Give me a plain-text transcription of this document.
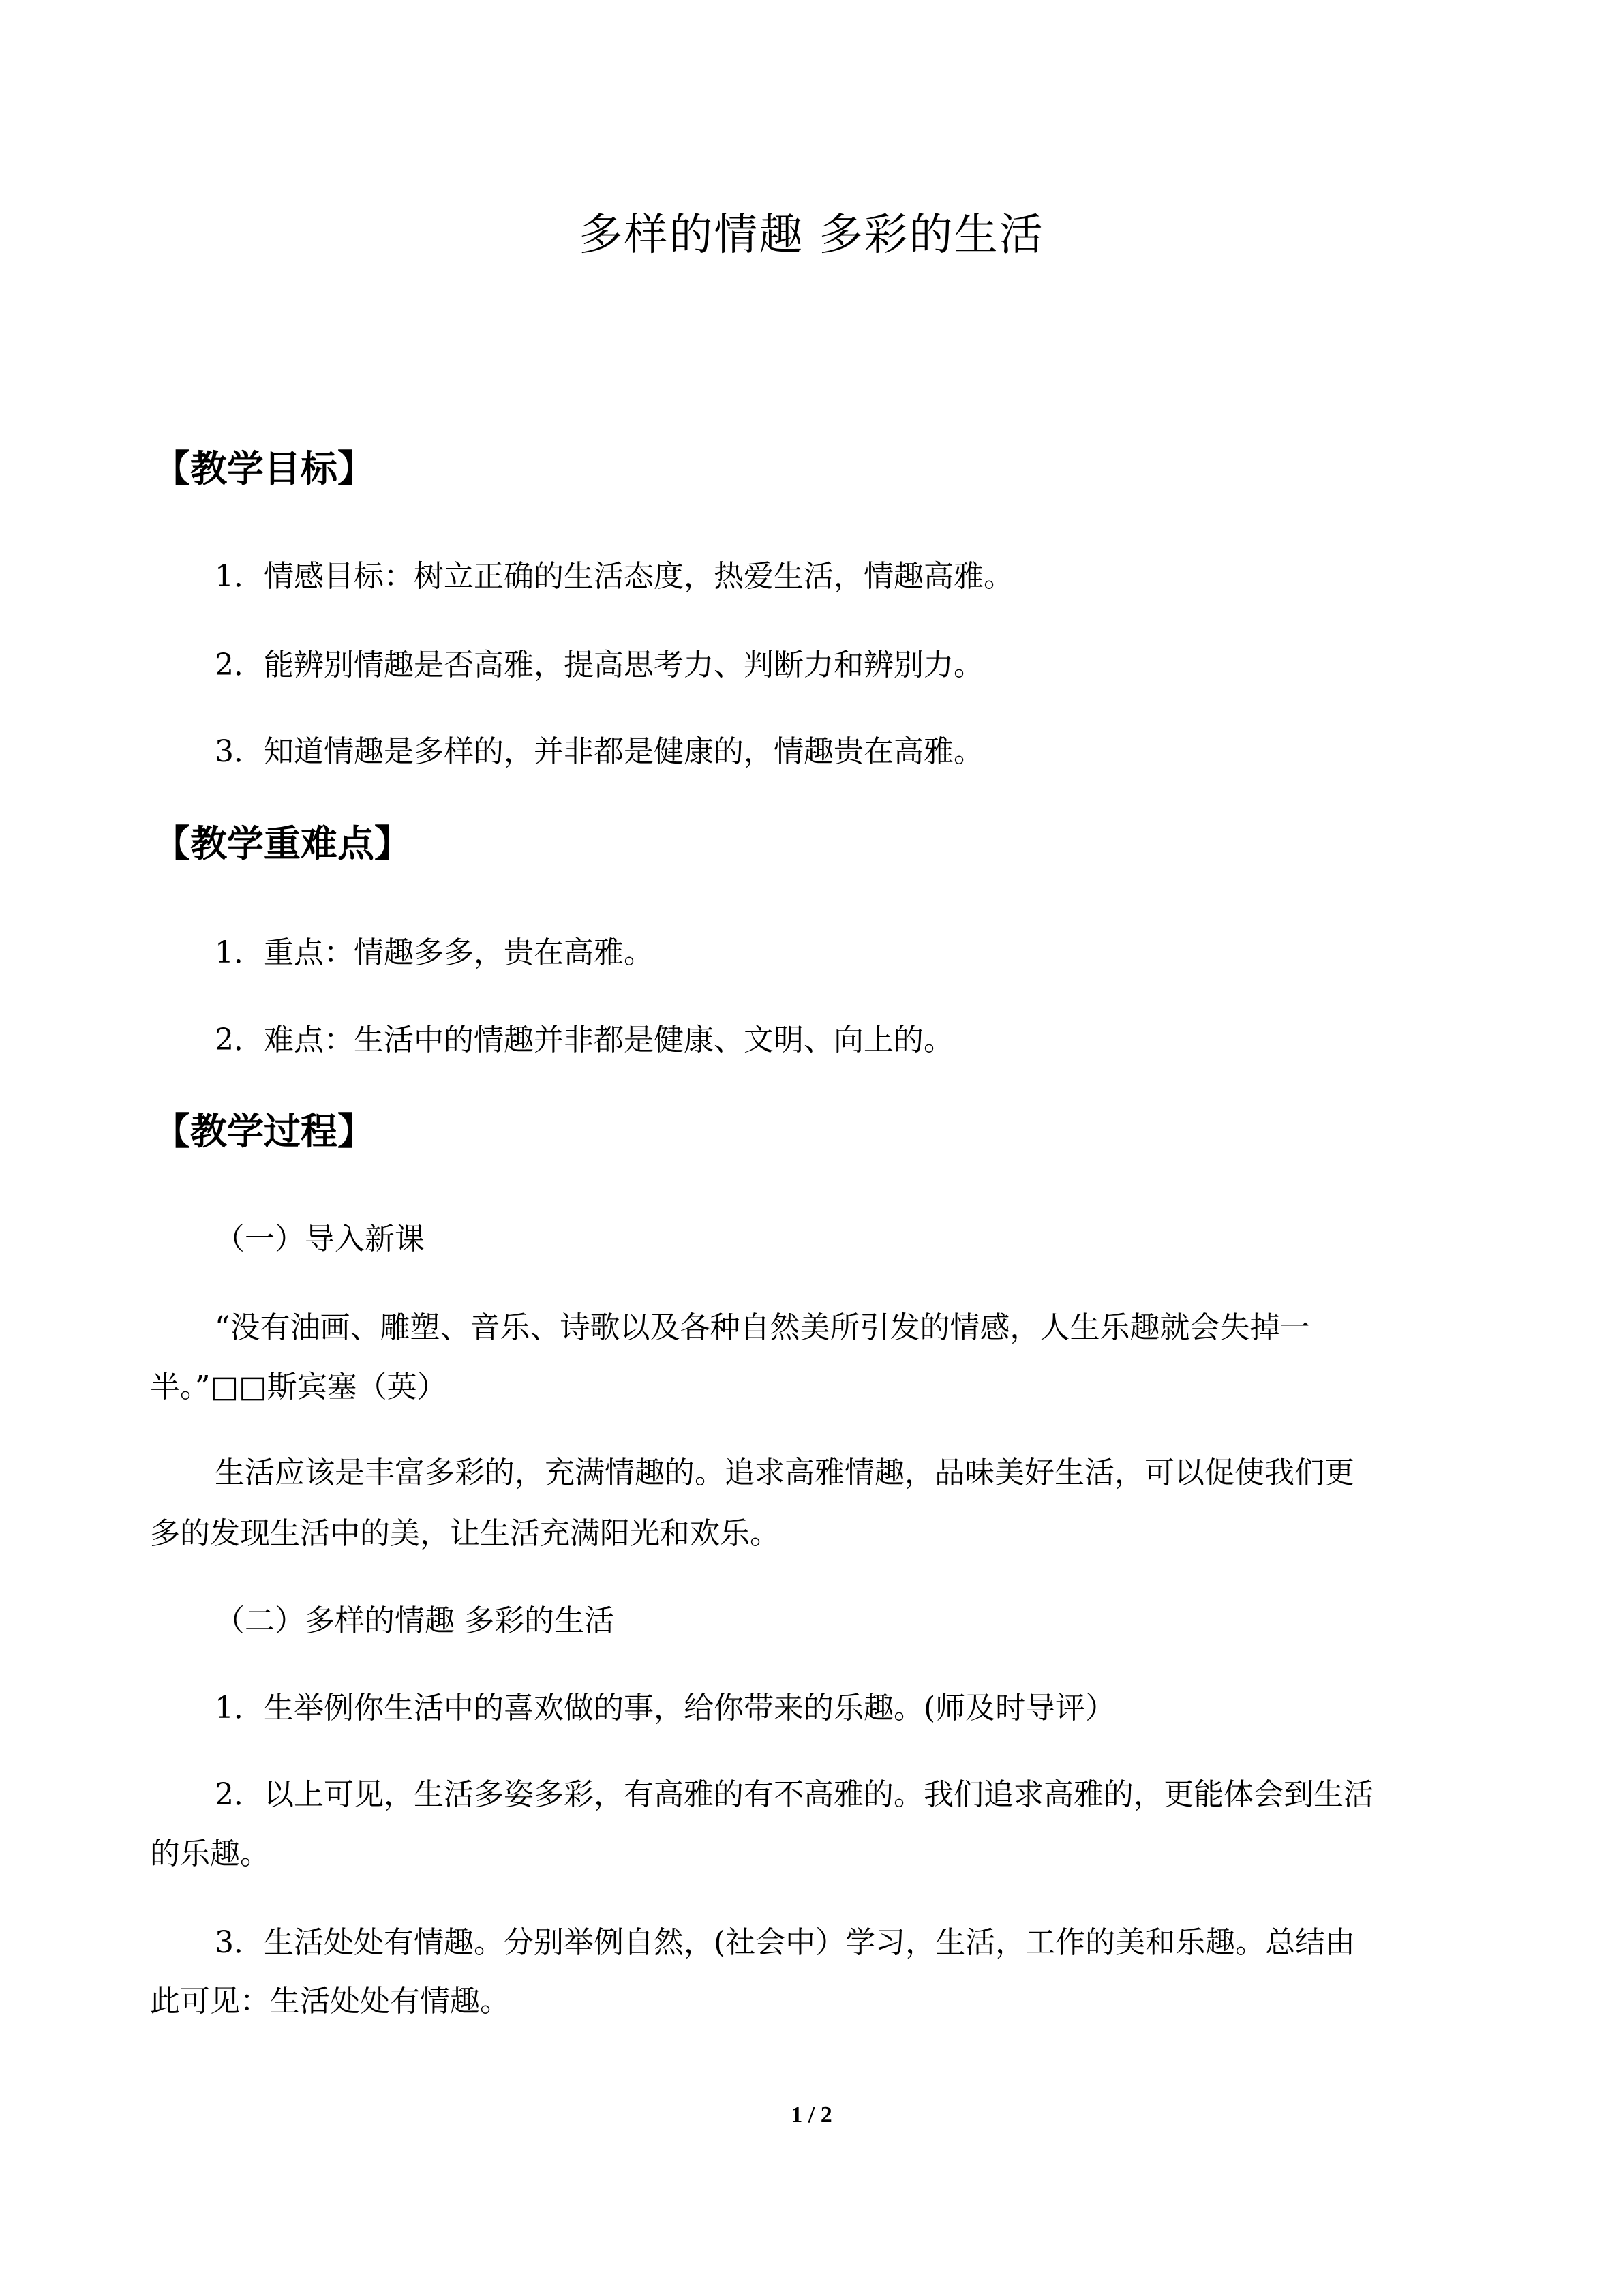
多样的情趣 多彩的生活
【教学目标】

1．情感目标：树立正确的生活态度，热爱生活，情趣高雅。

2．能辨别情趣是否高雅，提高思考力、判断力和辨别力。

3．知道情趣是多样的，并非都是健康的，情趣贵在高雅。

【教学重难点】

1．重点：情趣多多，贵在高雅。

2．难点：生活中的情趣并非都是健康、文明、向上的。

【教学过程】

（一）导入新课

“没有油画、雕塑、音乐、诗歌以及各种自然美所引发的情感，人生乐趣就会失掉一

半。”□□斯宾塞（英）

生活应该是丰富多彩的，充满情趣的。追求高雅情趣，品味美好生活，可以促使我们更

多的发现生活中的美，让生活充满阳光和欢乐。

（二）多样的情趣 多彩的生活

1．生举例你生活中的喜欢做的事，给你带来的乐趣。(师及时导评）

2．以上可见，生活多姿多彩，有高雅的有不高雅的。我们追求高雅的，更能体会到生活

的乐趣。

3．生活处处有情趣。分别举例自然，(社会中）学习，生活，工作的美和乐趣。总结由

此可见：生活处处有情趣。

1 / 2
